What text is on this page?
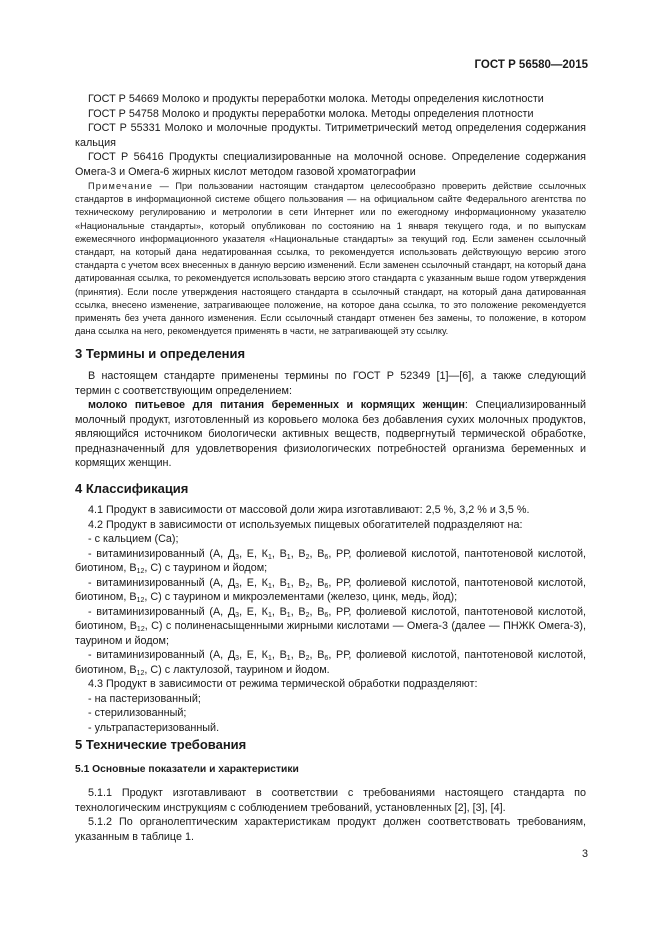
ГОСТ Р 56580—2015

ГОСТ Р 54669 Молоко и продукты переработки молока. Методы определения кислотности

ГОСТ Р 54758 Молоко и продукты переработки молока. Методы определения плотности

ГОСТ Р 55331 Молоко и молочные продукты. Титриметрический метод определения содержания кальция

ГОСТ Р 56416 Продукты специализированные на молочной основе. Определение содержания Омега-3 и Омега-6 жирных кислот методом газовой хроматографии

Примечание — При пользовании настоящим стандартом целесообразно проверить действие ссылочных стандартов в информационной системе общего пользования — на официальном сайте Федерального агентства по техническому регулированию и метрологии в сети Интернет или по ежегодному информационному указателю «Национальные стандарты», который опубликован по состоянию на 1 января текущего года, и по выпускам ежемесячного информационного указателя «Национальные стандарты» за текущий год. Если заменен ссылочный стандарт, на который дана недатированная ссылка, то рекомендуется использовать действующую версию этого стандарта с учетом всех внесенных в данную версию изменений. Если заменен ссылочный стандарт, на который дана датированная ссылка, то рекомендуется использовать версию этого стандарта с указанным выше годом утверждения (принятия). Если после утверждения настоящего стандарта в ссылочный стандарт, на который дана датированная ссылка, внесено изменение, затрагивающее положение, на которое дана ссылка, то это положение рекомендуется применять без учета данного изменения. Если ссылочный стандарт отменен без замены, то положение, в котором дана ссылка на него, рекомендуется применять в части, не затрагивающей эту ссылку.

3 Термины и определения

В настоящем стандарте применены термины по ГОСТ Р 52349 [1]—[6], а также следующий термин с соответствующим определением:

молоко питьевое для питания беременных и кормящих женщин: Специализированный молочный продукт, изготовленный из коровьего молока без добавления сухих молочных продуктов, являющийся источником биологически активных веществ, подвергнутый термической обработке, предназначенный для удовлетворения физиологических потребностей организма беременных и кормящих женщин.

4 Классификация

4.1 Продукт в зависимости от массовой доли жира изготавливают: 2,5 %, 3,2 % и 3,5 %.

4.2 Продукт в зависимости от используемых пищевых обогатителей подразделяют на:

- с кальцием (Ca);

- витаминизированный (А, $Д_3$, Е, $К_1$, $В_1$, $В_2$, $В_6$, РР, фолиевой кислотой, пантотеновой кислотой, биотином, $В_{12}$, С) с таурином и йодом;

- витаминизированный (А, $Д_3$, Е, $К_1$, $В_1$, $В_2$, $В_6$, РР, фолиевой кислотой, пантотеновой кислотой, биотином, $В_{12}$, С) с таурином и микроэлементами (железо, цинк, медь, йод);

- витаминизированный (А, $Д_3$, Е, $К_1$, $В_1$, $В_2$, $В_6$, РР, фолиевой кислотой, пантотеновой кислотой, биотином, $В_{12}$, С) с полиненасыщенными жирными кислотами — Омега-3 (далее — ПНЖК Омега-3), таурином и йодом;

- витаминизированный (А, $Д_3$, Е, $К_1$, $В_1$, $В_2$, $В_6$, РР, фолиевой кислотой, пантотеновой кислотой, биотином, $В_{12}$, С) с лактулозой, таурином и йодом.

4.3 Продукт в зависимости от режима термической обработки подразделяют:

- на пастеризованный;

- стерилизованный;

- ультрапастеризованный.

5 Технические требования
5.1 Основные показатели и характеристики

5.1.1 Продукт изготавливают в соответствии с требованиями настоящего стандарта по технологическим инструкциям с соблюдением требований, установленных [2], [3], [4].

5.1.2 По органолептическим характеристикам продукт должен соответствовать требованиям, указанным в таблице 1.

3
